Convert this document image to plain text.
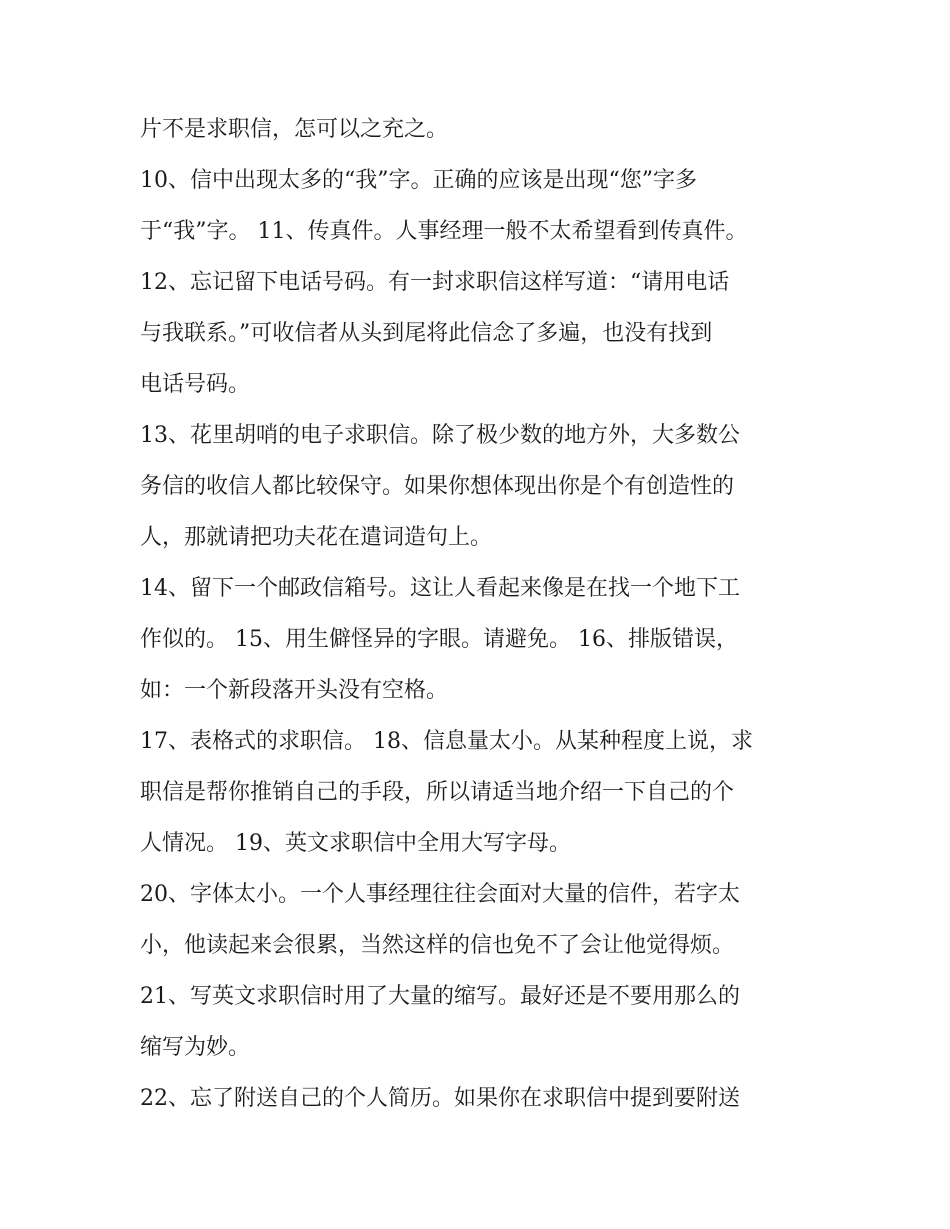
片不是求职信，怎可以之充之。
10、信中出现太多的“我”字。正确的应该是出现“您”字多
于“我”字。 11、传真件。人事经理一般不太希望看到传真件。
12、忘记留下电话号码。有一封求职信这样写道：“请用电话
与我联系。”可收信者从头到尾将此信念了多遍，也没有找到
电话号码。
13、花里胡哨的电子求职信。除了极少数的地方外，大多数公
务信的收信人都比较保守。如果你想体现出你是个有创造性的
人，那就请把功夫花在遣词造句上。
14、留下一个邮政信箱号。这让人看起来像是在找一个地下工
作似的。 15、用生僻怪异的字眼。请避免。 16、排版错误，
如：一个新段落开头没有空格。
17、表格式的求职信。 18、信息量太小。从某种程度上说，求
职信是帮你推销自己的手段，所以请适当地介绍一下自己的个
人情况。 19、英文求职信中全用大写字母。
20、字体太小。一个人事经理往往会面对大量的信件，若字太
小，他读起来会很累，当然这样的信也免不了会让他觉得烦。
21、写英文求职信时用了大量的缩写。最好还是不要用那么的
缩写为妙。
22、忘了附送自己的个人简历。如果你在求职信中提到要附送
